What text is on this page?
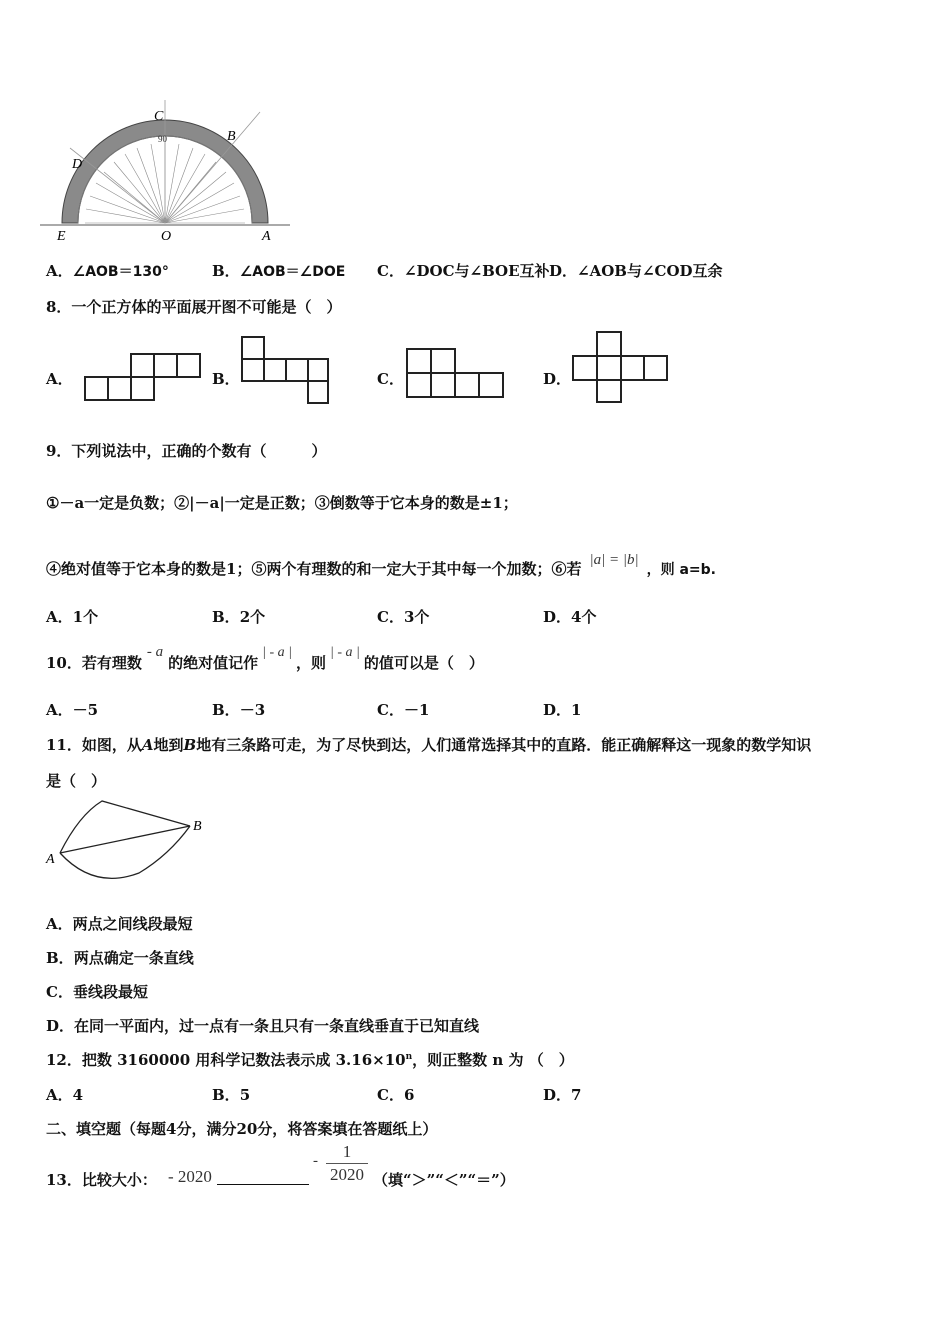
90
C
B
D
E	O	A
A．∠AOB＝130°	B．∠AOB＝∠DOE C．∠DOC与∠BOE互补 D．∠AOB与∠COD互余
8．一个正方体的平面展开图不可能是（　）
A．	B．	C．	D．
9．下列说法中，正确的个数有（　　　）
①－a一定是负数；②|－a|一定是正数；③倒数等于它本身的数是±1；
④绝对值等于它本身的数是1；⑤两个有理数的和一定大于其中每一个加数；⑥若 |a| = |b|，则 a=b.
A．1个	B．2个	C．3个	D．4个
10．若有理数- a的绝对值记作| - a |，则| - a |的值可以是（　）
A．－5	B．－3	C．－1	D．1
11．如图，从A地到B地有三条路可走，为了尽快到达，人们通常选择其中的直路．能正确解释这一现象的数学知识
是（　）
A
B
A．两点之间线段最短
B．两点确定一条直线
C．垂线段最短
D．在同一平面内，过一点有一条且只有一条直线垂直于已知直线
12．把数 3160000 用科学记数法表示成 $3.16\times 10^n$，则正整数 n 为 （　）
A．4	B．5	C．6	D．7
二、填空题（每题4分，满分20分，将答案填在答题纸上）
13．比较大小： - 2020
-	1
2020 （填“＞”“＜”“＝”）
